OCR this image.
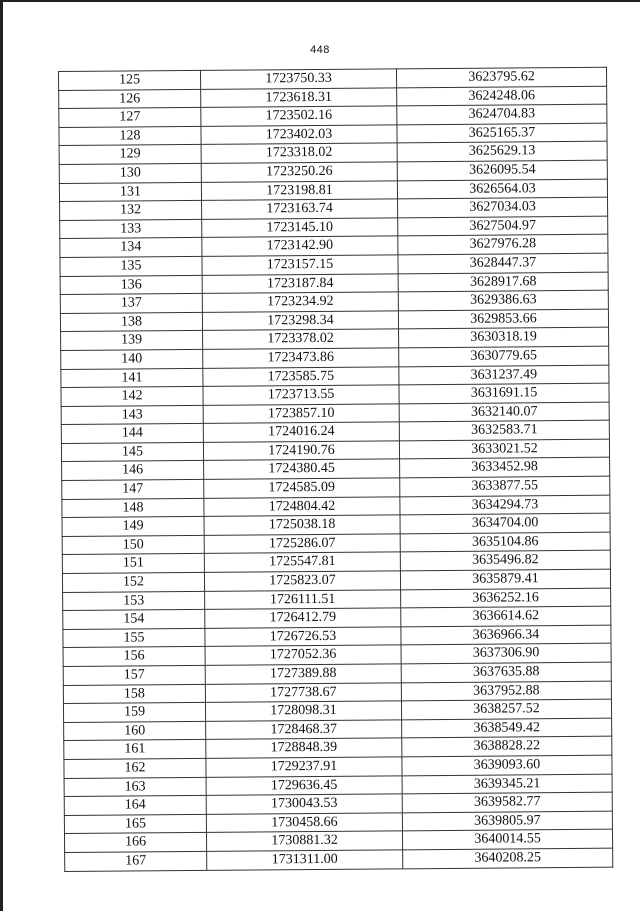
448
125	1723750.33	3623795.62
126	1723618.31	3624248.06
127	1723502.16	3624704.83
128	1723402.03	3625165.37
129	1723318.02	3625629.13
130	1723250.26	3626095.54
131	1723198.81	3626564.03
132	1723163.74	3627034.03
133	1723145.10	3627504.97
134	1723142.90	3627976.28
135	1723157.15	3628447.37
136	1723187.84	3628917.68
137	1723234.92	3629386.63
138	1723298.34	3629853.66
139	1723378.02	3630318.19
140	1723473.86	3630779.65
141	1723585.75	3631237.49
142	1723713.55	3631691.15
143	1723857.10	3632140.07
144	1724016.24	3632583.71
145	1724190.76	3633021.52
146	1724380.45	3633452.98
147	1724585.09	3633877.55
148	1724804.42	3634294.73
149	1725038.18	3634704.00
150	1725286.07	3635104.86
151	1725547.81	3635496.82
152	1725823.07	3635879.41
153	1726111.51	3636252.16
154	1726412.79	3636614.62
155	1726726.53	3636966.34
156	1727052.36	3637306.90
157	1727389.88	3637635.88
158	1727738.67	3637952.88
159	1728098.31	3638257.52
160	1728468.37	3638549.42
161	1728848.39	3638828.22
162	1729237.91	3639093.60
163	1729636.45	3639345.21
164	1730043.53	3639582.77
165	1730458.66	3639805.97
166	1730881.32	3640014.55
167	1731311.00	3640208.25
